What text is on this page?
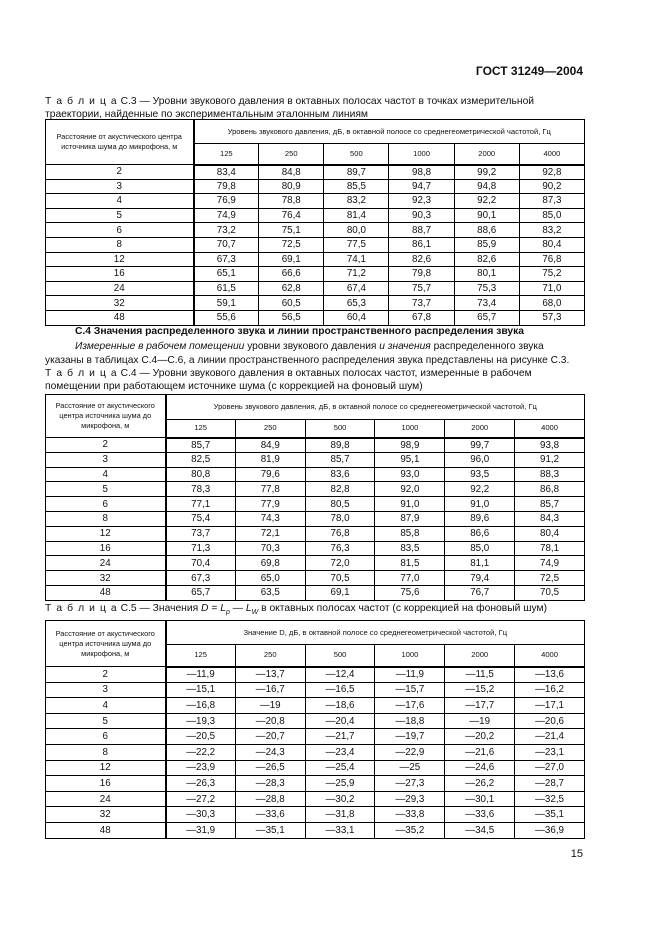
ГОСТ 31249—2004
Т а б л и ц а С.3 — Уровни звукового давления в октавных полосах частот в точках измерительной траектории, найденные по экспериментальным эталонным линиям
Расстояние от акустического центра источника шума до микрофона, м	Уровень звукового давления, дБ, в октавной полосе со среднегеометрической частотой, Гц					
	125	250	500	1000	2000	4000
2	83,4	84,8	89,7	98,8	99,2	92,8
3	79,8	80,9	85,5	94,7	94,8	90,2
4	76,9	78,8	83,2	92,3	92,2	87,3
5	74,9	76,4	81,4	90,3	90,1	85,0
6	73,2	75,1	80,0	88,7	88,6	83,2
8	70,7	72,5	77,5	86,1	85,9	80,4
12	67,3	69,1	74,1	82,6	82,6	76,8
16	65,1	66,6	71,2	79,8	80,1	75,2
24	61,5	62,8	67,4	75,7	75,3	71,0
32	59,1	60,5	65,3	73,7	73,4	68,0
48	55,6	56,5	60,4	67,8	65,7	57,3
С.4 Значения распределенного звука и линии пространственного распределения звука
Измеренные в рабочем помещении уровни звукового давления и значения распределенного звука указаны в таблицах С.4—С.6, а линии пространственного распределения звука представлены на рисунке С.3.
Т а б л и ц а С.4 — Уровни звукового давления в октавных полосах частот, измеренные в рабочем помещении при работающем источнике шума (с коррекцией на фоновый шум)
Расстояние от акустического центра источника шума до микрофона, м	Уровень звукового давления, дБ, в октавной полосе со среднегеометрической частотой, Гц					
	125	250	500	1000	2000	4000
2	85,7	84,9	89,8	98,9	99,7	93,8
3	82,5	81,9	85,7	95,1	96,0	91,2
4	80,8	79,6	83,6	93,0	93,5	88,3
5	78,3	77,8	82,8	92,0	92,2	86,8
6	77,1	77,9	80,5	91,0	91,0	85,7
8	75,4	74,3	78,0	87,9	89,6	84,3
12	73,7	72,1	76,8	85,8	86,6	80,4
16	71,3	70,3	76,3	83,5	85,0	78,1
24	70,4	69,8	72,0	81,5	81,1	74,9
32	67,3	65,0	70,5	77,0	79,4	72,5
48	65,7	63,5	69,1	75,6	76,7	70,5
Т а б л и ц а С.5 — Значения $D = L_p$ — $L_W$ в октавных полосах частот (с коррекцией на фоновый шум)
Расстояние от акустического центра источника шума до микрофона, м	Значение D, дБ, в октавной полосе со среднегеометрической частотой, Гц					
	125	250	500	1000	2000	4000
2	—11,9	—13,7	—12,4	—11,9	—11,5	—13,6
3	—15,1	—16,7	—16,5	—15,7	—15,2	—16,2
4	—16,8	—19	—18,6	—17,6	—17,7	—17,1
5	—19,3	—20,8	—20,4	—18,8	—19	—20,6
6	—20,5	—20,7	—21,7	—19,7	—20,2	—21,4
8	—22,2	—24,3	—23,4	—22,9	—21,6	—23,1
12	—23,9	—26,5	—25,4	—25	—24,6	—27,0
16	—26,3	—28,3	—25,9	—27,3	—26,2	—28,7
24	—27,2	—28,8	—30,2	—29,3	—30,1	—32,5
32	—30,3	—33,6	—31,8	—33,8	—33,6	—35,1
48	—31,9	—35,1	—33,1	—35,2	—34,5	—36,9
15
